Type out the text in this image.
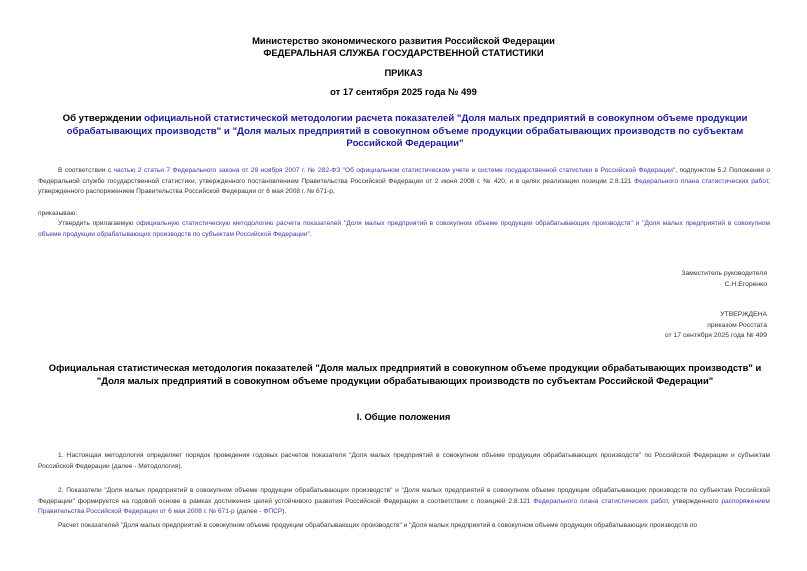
Министерство экономического развития Российской Федерации
ФЕДЕРАЛЬНАЯ СЛУЖБА ГОСУДАРСТВЕННОЙ СТАТИСТИКИ
ПРИКАЗ
от 17 сентября 2025 года № 499
Об утверждении официальной статистической методологии расчета показателей "Доля малых предприятий в совокупном объеме продукции обрабатывающих производств" и "Доля малых предприятий в совокупном объеме продукции обрабатывающих производств по субъектам Российской Федерации"
В соответствии с частью 2 статьи 7 Федерального закона от 29 ноября 2007 г. № 282-ФЗ "Об официальном статистическом учете и системе государственной статистики в Российской Федерации", подпунктом 5.2 Положения о Федеральной службе государственной статистики, утвержденного постановлением Правительства Российской Федерации от 2 июня 2008 г. № 420, и в целях реализации позиции 2.8.121 Федерального плана статистических работ, утвержденного распоряжением Правительства Российской Федерации от 6 мая 2008 г. № 671-р,
приказываю:
Утвердить прилагаемую официальную статистическую методологию расчета показателей "Доля малых предприятий в совокупном объеме продукции обрабатывающих производств" и "Доля малых предприятий в совокупном объеме продукции обрабатывающих производств по субъектам Российской Федерации".
Заместитель руководителя
С.Н.Егоренко
УТВЕРЖДЕНА
приказом Росстата
от 17 сентября 2025 года № 499
Официальная статистическая методология показателей "Доля малых предприятий в совокупном объеме продукции обрабатывающих производств" и "Доля малых предприятий в совокупном объеме продукции обрабатывающих производств по субъектам Российской Федерации"
I. Общие положения
1. Настоящая методология определяет порядок проведения годовых расчетов показателя "Доля малых предприятий в совокупном объеме продукции обрабатывающих производств" по Российской Федерации и субъектам Российской Федерации (далее - Методология).
2. Показатели "Доля малых предприятий в совокупном объеме продукции обрабатывающих производств" и "Доля малых предприятий в совокупном объеме продукции обрабатывающих производств по субъектам Российской Федерации" формируется на годовой основе в рамках достижения целей устойчивого развития Российской Федерации в соответствии с позицией 2.8.121 Федерального плана статистических работ, утвержденного распоряжением Правительства Российской Федерации от 6 мая 2008 г. № 671-р (далее - ФПСР).
Расчет показателей "Доля малых предприятий в совокупном объеме продукции обрабатывающих производств" и "Доля малых предприятий в совокупном объеме продукции обрабатывающих производств по
